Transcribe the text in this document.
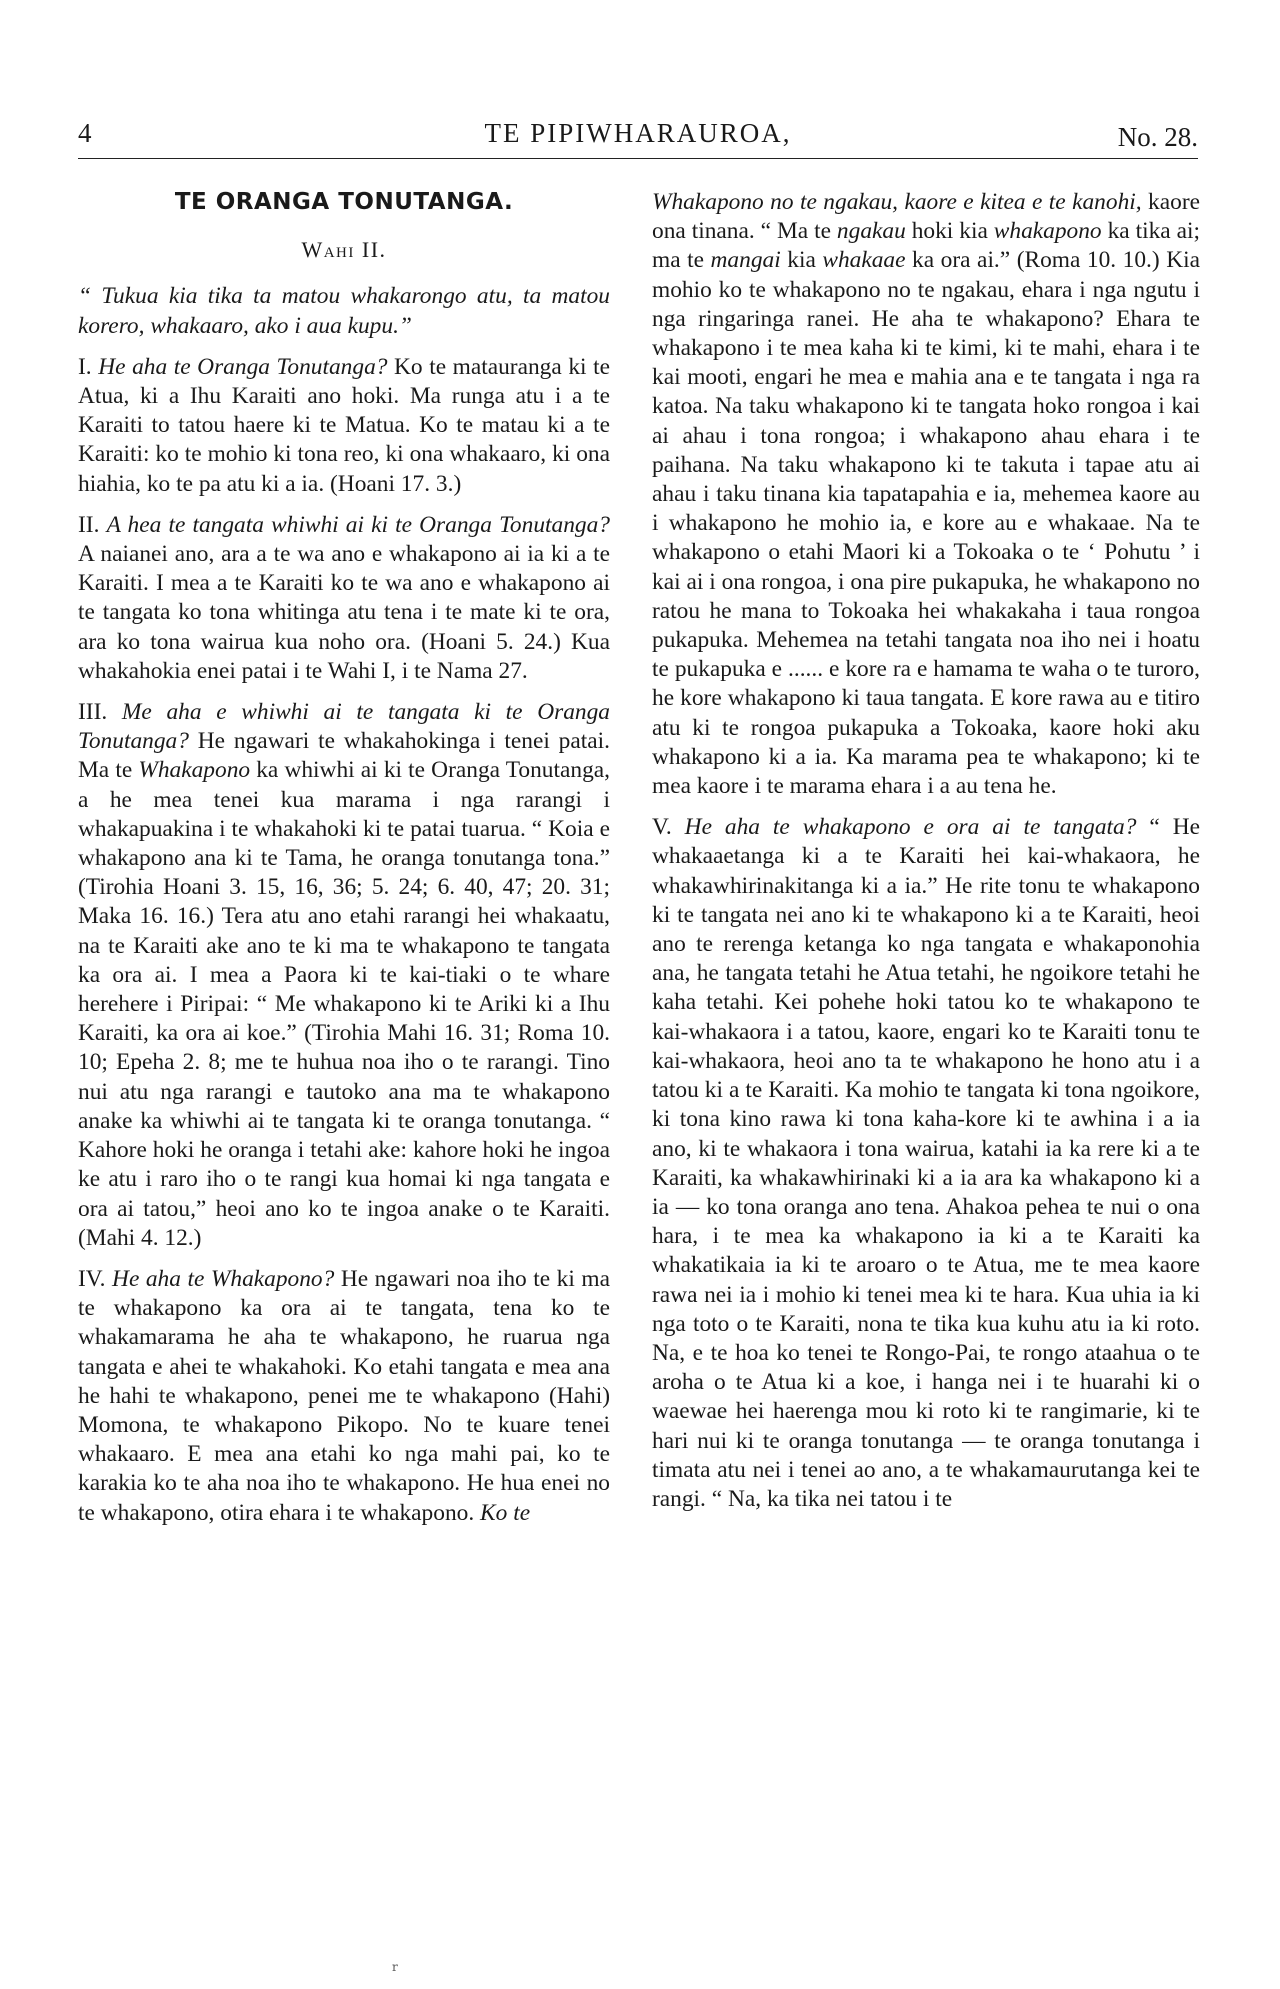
4	TE PIPIWHARAUROA,	No. 28.
TE ORANGA TONUTANGA.
Wahi II.

“ Tukua kia tika ta matou whakarongo atu, ta matou korero, whakaaro, ako i aua kupu.”

I. He aha te Oranga Tonutanga? Ko te matauranga ki te Atua, ki a Ihu Karaiti ano hoki. Ma runga atu i a te Karaiti to tatou haere ki te Matua. Ko te matau ki a te Karaiti: ko te mohio ki tona reo, ki ona whakaaro, ki ona hiahia, ko te pa atu ki a ia. (Hoani 17. 3.)

II. A hea te tangata whiwhi ai ki te Oranga Tonutanga? A naianei ano, ara a te wa ano e whakapono ai ia ki a te Karaiti. I mea a te Karaiti ko te wa ano e whakapono ai te tangata ko tona whitinga atu tena i te mate ki te ora, ara ko tona wairua kua noho ora. (Hoani 5. 24.) Kua whakahokia enei patai i te Wahi I, i te Nama 27.

III. Me aha e whiwhi ai te tangata ki te Oranga Tonutanga? He ngawari te whakahokinga i tenei patai. Ma te Whakapono ka whiwhi ai ki te Oranga Tonutanga, a he mea tenei kua marama i nga rarangi i whakapuakina i te whakahoki ki te patai tuarua. “ Koia e whakapono ana ki te Tama, he oranga tonutanga tona.” (Tirohia Hoani 3. 15, 16, 36; 5. 24; 6. 40, 47; 20. 31; Maka 16. 16.) Tera atu ano etahi rarangi hei whakaatu, na te Karaiti ake ano te ki ma te whakapono te tangata ka ora ai. I mea a Paora ki te kai-tiaki o te whare herehere i Piripai: “ Me whakapono ki te Ariki ki a Ihu Karaiti, ka ora ai koe.” (Tirohia Mahi 16. 31; Roma 10. 10; Epeha 2. 8; me te huhua noa iho o te rarangi. Tino nui atu nga rarangi e tautoko ana ma te whakapono anake ka whiwhi ai te tangata ki te oranga tonutanga. “ Kahore hoki he oranga i tetahi ake: kahore hoki he ingoa ke atu i raro iho o te rangi kua homai ki nga tangata e ora ai tatou,” heoi ano ko te ingoa anake o te Karaiti. (Mahi 4. 12.)

IV. He aha te Whakapono? He ngawari noa iho te ki ma te whakapono ka ora ai te tangata, tena ko te whakamarama he aha te whakapono, he ruarua nga tangata e ahei te whakahoki. Ko etahi tangata e mea ana he hahi te whakapono, penei me te whakapono (Hahi) Momona, te whakapono Pikopo. No te kuare tenei whakaaro. E mea ana etahi ko nga mahi pai, ko te karakia ko te aha noa iho te whakapono. He hua enei no te whakapono, otira ehara i te whakapono. Ko te

Whakapono no te ngakau, kaore e kitea e te kanohi, kaore ona tinana. “ Ma te ngakau hoki kia whakapono ka tika ai; ma te mangai kia whakaae ka ora ai.” (Roma 10. 10.) Kia mohio ko te whakapono no te ngakau, ehara i nga ngutu i nga ringaringa ranei. He aha te whakapono? Ehara te whakapono i te mea kaha ki te kimi, ki te mahi, ehara i te kai mooti, engari he mea e mahia ana e te tangata i nga ra katoa. Na taku whakapono ki te tangata hoko rongoa i kai ai ahau i tona rongoa; i whakapono ahau ehara i te paihana. Na taku whakapono ki te takuta i tapae atu ai ahau i taku tinana kia tapatapahia e ia, mehemea kaore au i whakapono he mohio ia, e kore au e whakaae. Na te whakapono o etahi Maori ki a Tokoaka o te ‘ Pohutu ’ i kai ai i ona rongoa, i ona pire pukapuka, he whakapono no ratou he mana to Tokoaka hei whakakaha i taua rongoa pukapuka. Mehemea na tetahi tangata noa iho nei i hoatu te pukapuka e ...... e kore ra e hamama te waha o te turoro, he kore whakapono ki taua tangata. E kore rawa au e titiro atu ki te rongoa pukapuka a Tokoaka, kaore hoki aku whakapono ki a ia. Ka marama pea te whakapono; ki te mea kaore i te marama ehara i a au tena he.

V. He aha te whakapono e ora ai te tangata? “ He whakaaetanga ki a te Karaiti hei kai-whakaora, he whakawhirinakitanga ki a ia.” He rite tonu te whakapono ki te tangata nei ano ki te whakapono ki a te Karaiti, heoi ano te rerenga ketanga ko nga tangata e whakaponohia ana, he tangata tetahi he Atua tetahi, he ngoikore tetahi he kaha tetahi. Kei pohehe hoki tatou ko te whakapono te kai-whakaora i a tatou, kaore, engari ko te Karaiti tonu te kai-whakaora, heoi ano ta te whakapono he hono atu i a tatou ki a te Karaiti. Ka mohio te tangata ki tona ngoikore, ki tona kino rawa ki tona kaha-kore ki te awhina i a ia ano, ki te whakaora i tona wairua, katahi ia ka rere ki a te Karaiti, ka whakawhirinaki ki a ia ara ka whakapono ki a ia — ko tona oranga ano tena. Ahakoa pehea te nui o ona hara, i te mea ka whakapono ia ki a te Karaiti ka whakatikaia ia ki te aroaro o te Atua, me te mea kaore rawa nei ia i mohio ki tenei mea ki te hara. Kua uhia ia ki nga toto o te Karaiti, nona te tika kua kuhu atu ia ki roto. Na, e te hoa ko tenei te Rongo-Pai, te rongo ataahua o te aroha o te Atua ki a koe, i hanga nei i te huarahi ki o waewae hei haerenga mou ki roto ki te rangimarie, ki te hari nui ki te oranga tonutanga — te oranga tonutanga i timata atu nei i tenei ao ano, a te whakamaurutanga kei te rangi. “ Na, ka tika nei tatou i te

r
